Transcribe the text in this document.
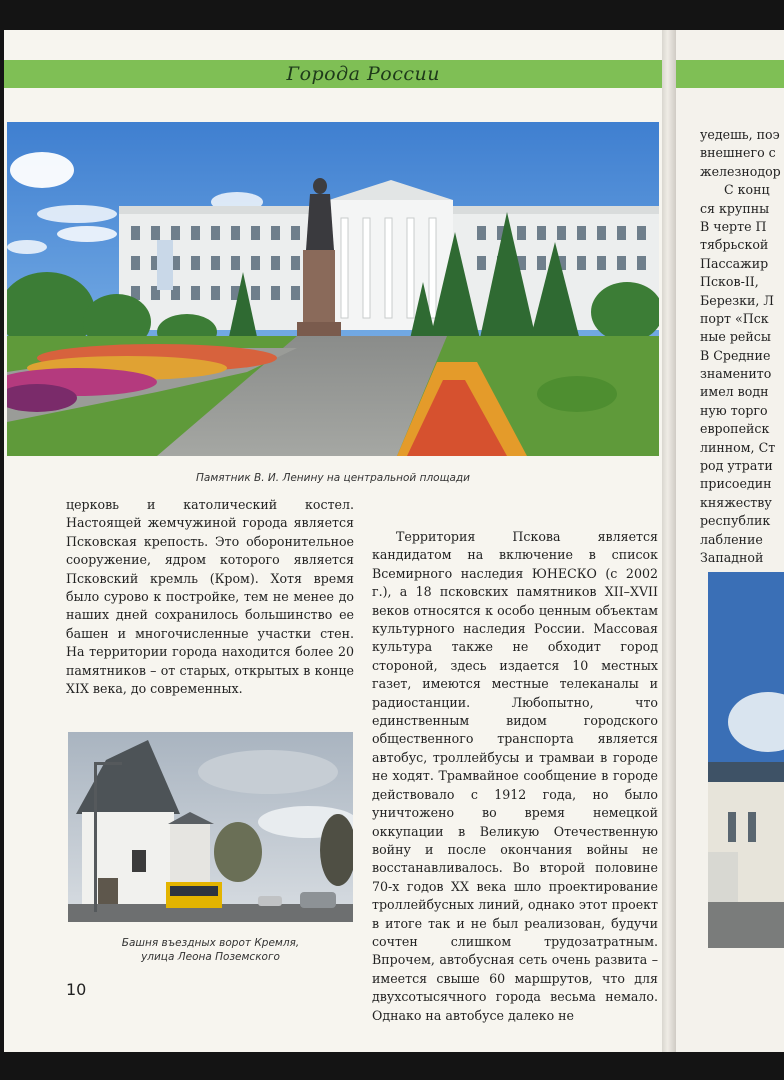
Города России
Памятник В. И. Ленину на центральной площади

церковь и католический костел. Настоящей жемчужиной города является Псковская крепость. Это оборонительное сооружение, ядром которого является Псковский кремль (Кром). Хотя время было сурово к постройке, тем не менее до наших дней сохранилось большинство ее башен и многочисленные участки стен. На территории города находится более 20 памятников – от старых, открытых в конце XIX века, до современных.

Башня въездных ворот Кремля,
улица Леона Поземского

Территория Пскова является кандидатом на включение в список Всемирного наследия ЮНЕСКО (с 2002 г.), а 18 псковских памятников XII–XVII веков относятся к особо ценным объектам культурного наследия России. Массовая культура также не обходит город стороной, здесь издается 10 местных газет, имеются местные телеканалы и радиостанции. Любопытно, что единственным видом городского общественного транспорта является автобус, троллейбусы и трамваи в городе не ходят. Трамвайное сообщение в городе действовало с 1912 года, но было уничтожено во время немецкой оккупации в Великую Отечественную войну и после окончания войны не восстанавливалось. Во второй половине 70-х годов XX века шло проектирование троллейбусных линий, однако этот проект в итоге так и не был реализован, будучи сочтен слишком трудозатратным. Впрочем, автобусная сеть очень развита – имеется свыше 60 маршрутов, что для двухсотысячного города весьма немало. Однако на автобусе далеко не

10
уедешь, поэ
внешнего с
железнодор
С конц
ся крупны
В черте П
тябрьской
Пассажир
Псков-II,
Березки, Л
порт «Пск
ные рейсы
В Средние
знаменито
имел водн
ную торго
европейск
линном, Ст
род утрати
присоедин
княжеству
республик
лабление
Западной
